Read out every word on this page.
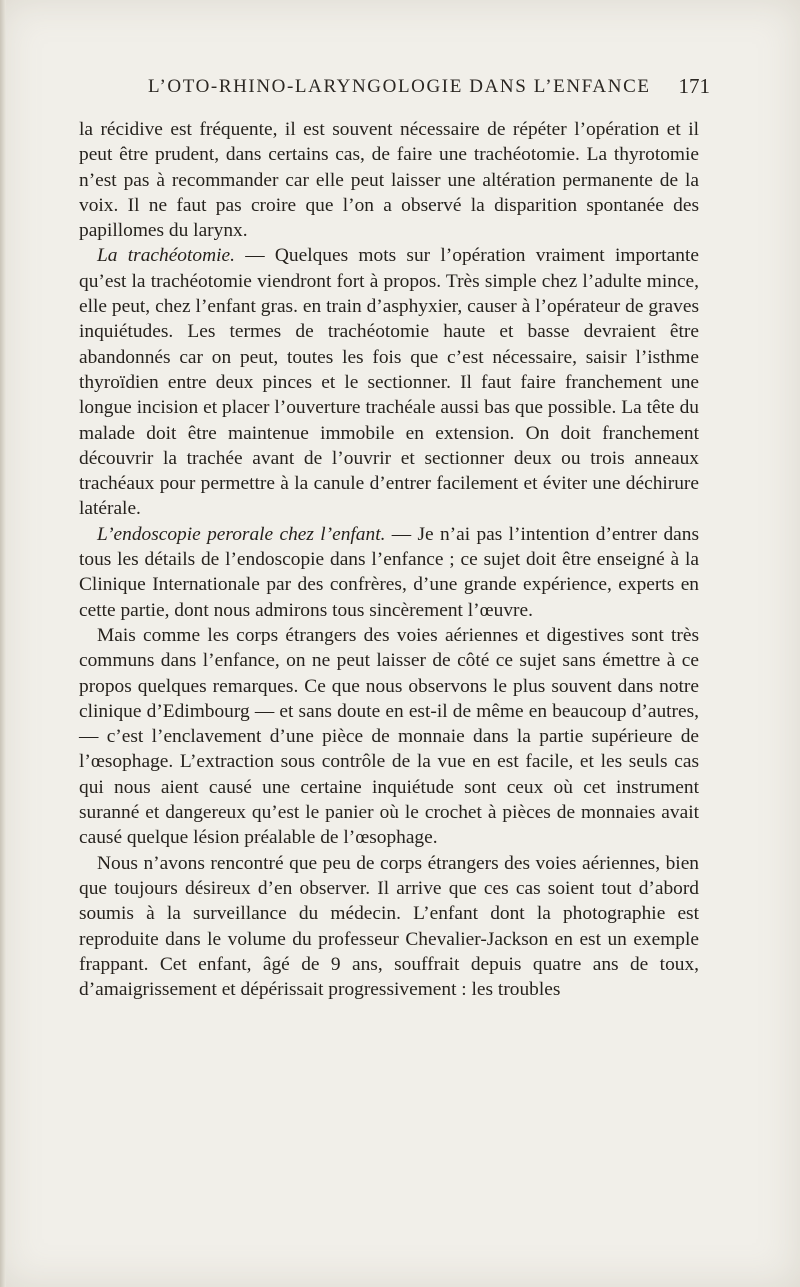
L’OTO-RHINO-LARYNGOLOGIE DANS L’ENFANCE 171

la récidive est fréquente, il est souvent nécessaire de répéter l’opération et il peut être prudent, dans certains cas, de faire une trachéotomie. La thyrotomie n’est pas à recommander car elle peut laisser une altération permanente de la voix. Il ne faut pas croire que l’on a observé la disparition spontanée des papillomes du larynx.

La trachéotomie. — Quelques mots sur l’opération vraiment importante qu’est la trachéotomie viendront fort à propos. Très simple chez l’adulte mince, elle peut, chez l’enfant gras. en train d’asphyxier, causer à l’opérateur de graves inquiétudes. Les termes de trachéotomie haute et basse devraient être abandonnés car on peut, toutes les fois que c’est nécessaire, saisir l’isthme thyroïdien entre deux pinces et le sectionner. Il faut faire franchement une longue incision et placer l’ouverture trachéale aussi bas que possible. La tête du malade doit être maintenue immobile en extension. On doit franchement découvrir la trachée avant de l’ouvrir et sectionner deux ou trois anneaux trachéaux pour permettre à la canule d’entrer facilement et éviter une déchirure latérale.

L’endoscopie perorale chez l’enfant. — Je n’ai pas l’intention d’entrer dans tous les détails de l’endoscopie dans l’enfance ; ce sujet doit être enseigné à la Clinique Internationale par des confrères, d’une grande expérience, experts en cette partie, dont nous admirons tous sincèrement l’œuvre.

Mais comme les corps étrangers des voies aériennes et digestives sont très communs dans l’enfance, on ne peut laisser de côté ce sujet sans émettre à ce propos quelques remarques. Ce que nous observons le plus souvent dans notre clinique d’Edimbourg — et sans doute en est-il de même en beaucoup d’autres, — c’est l’enclavement d’une pièce de monnaie dans la partie supérieure de l’œsophage. L’extraction sous contrôle de la vue en est facile, et les seuls cas qui nous aient causé une certaine inquiétude sont ceux où cet instrument suranné et dangereux qu’est le panier où le crochet à pièces de monnaies avait causé quelque lésion préalable de l’œsophage.

Nous n’avons rencontré que peu de corps étrangers des voies aériennes, bien que toujours désireux d’en observer. Il arrive que ces cas soient tout d’abord soumis à la surveillance du médecin. L’enfant dont la photographie est reproduite dans le volume du professeur Chevalier-Jackson en est un exemple frappant. Cet enfant, âgé de 9 ans, souffrait depuis quatre ans de toux, d’amaigrissement et dépérissait progressivement : les troubles
